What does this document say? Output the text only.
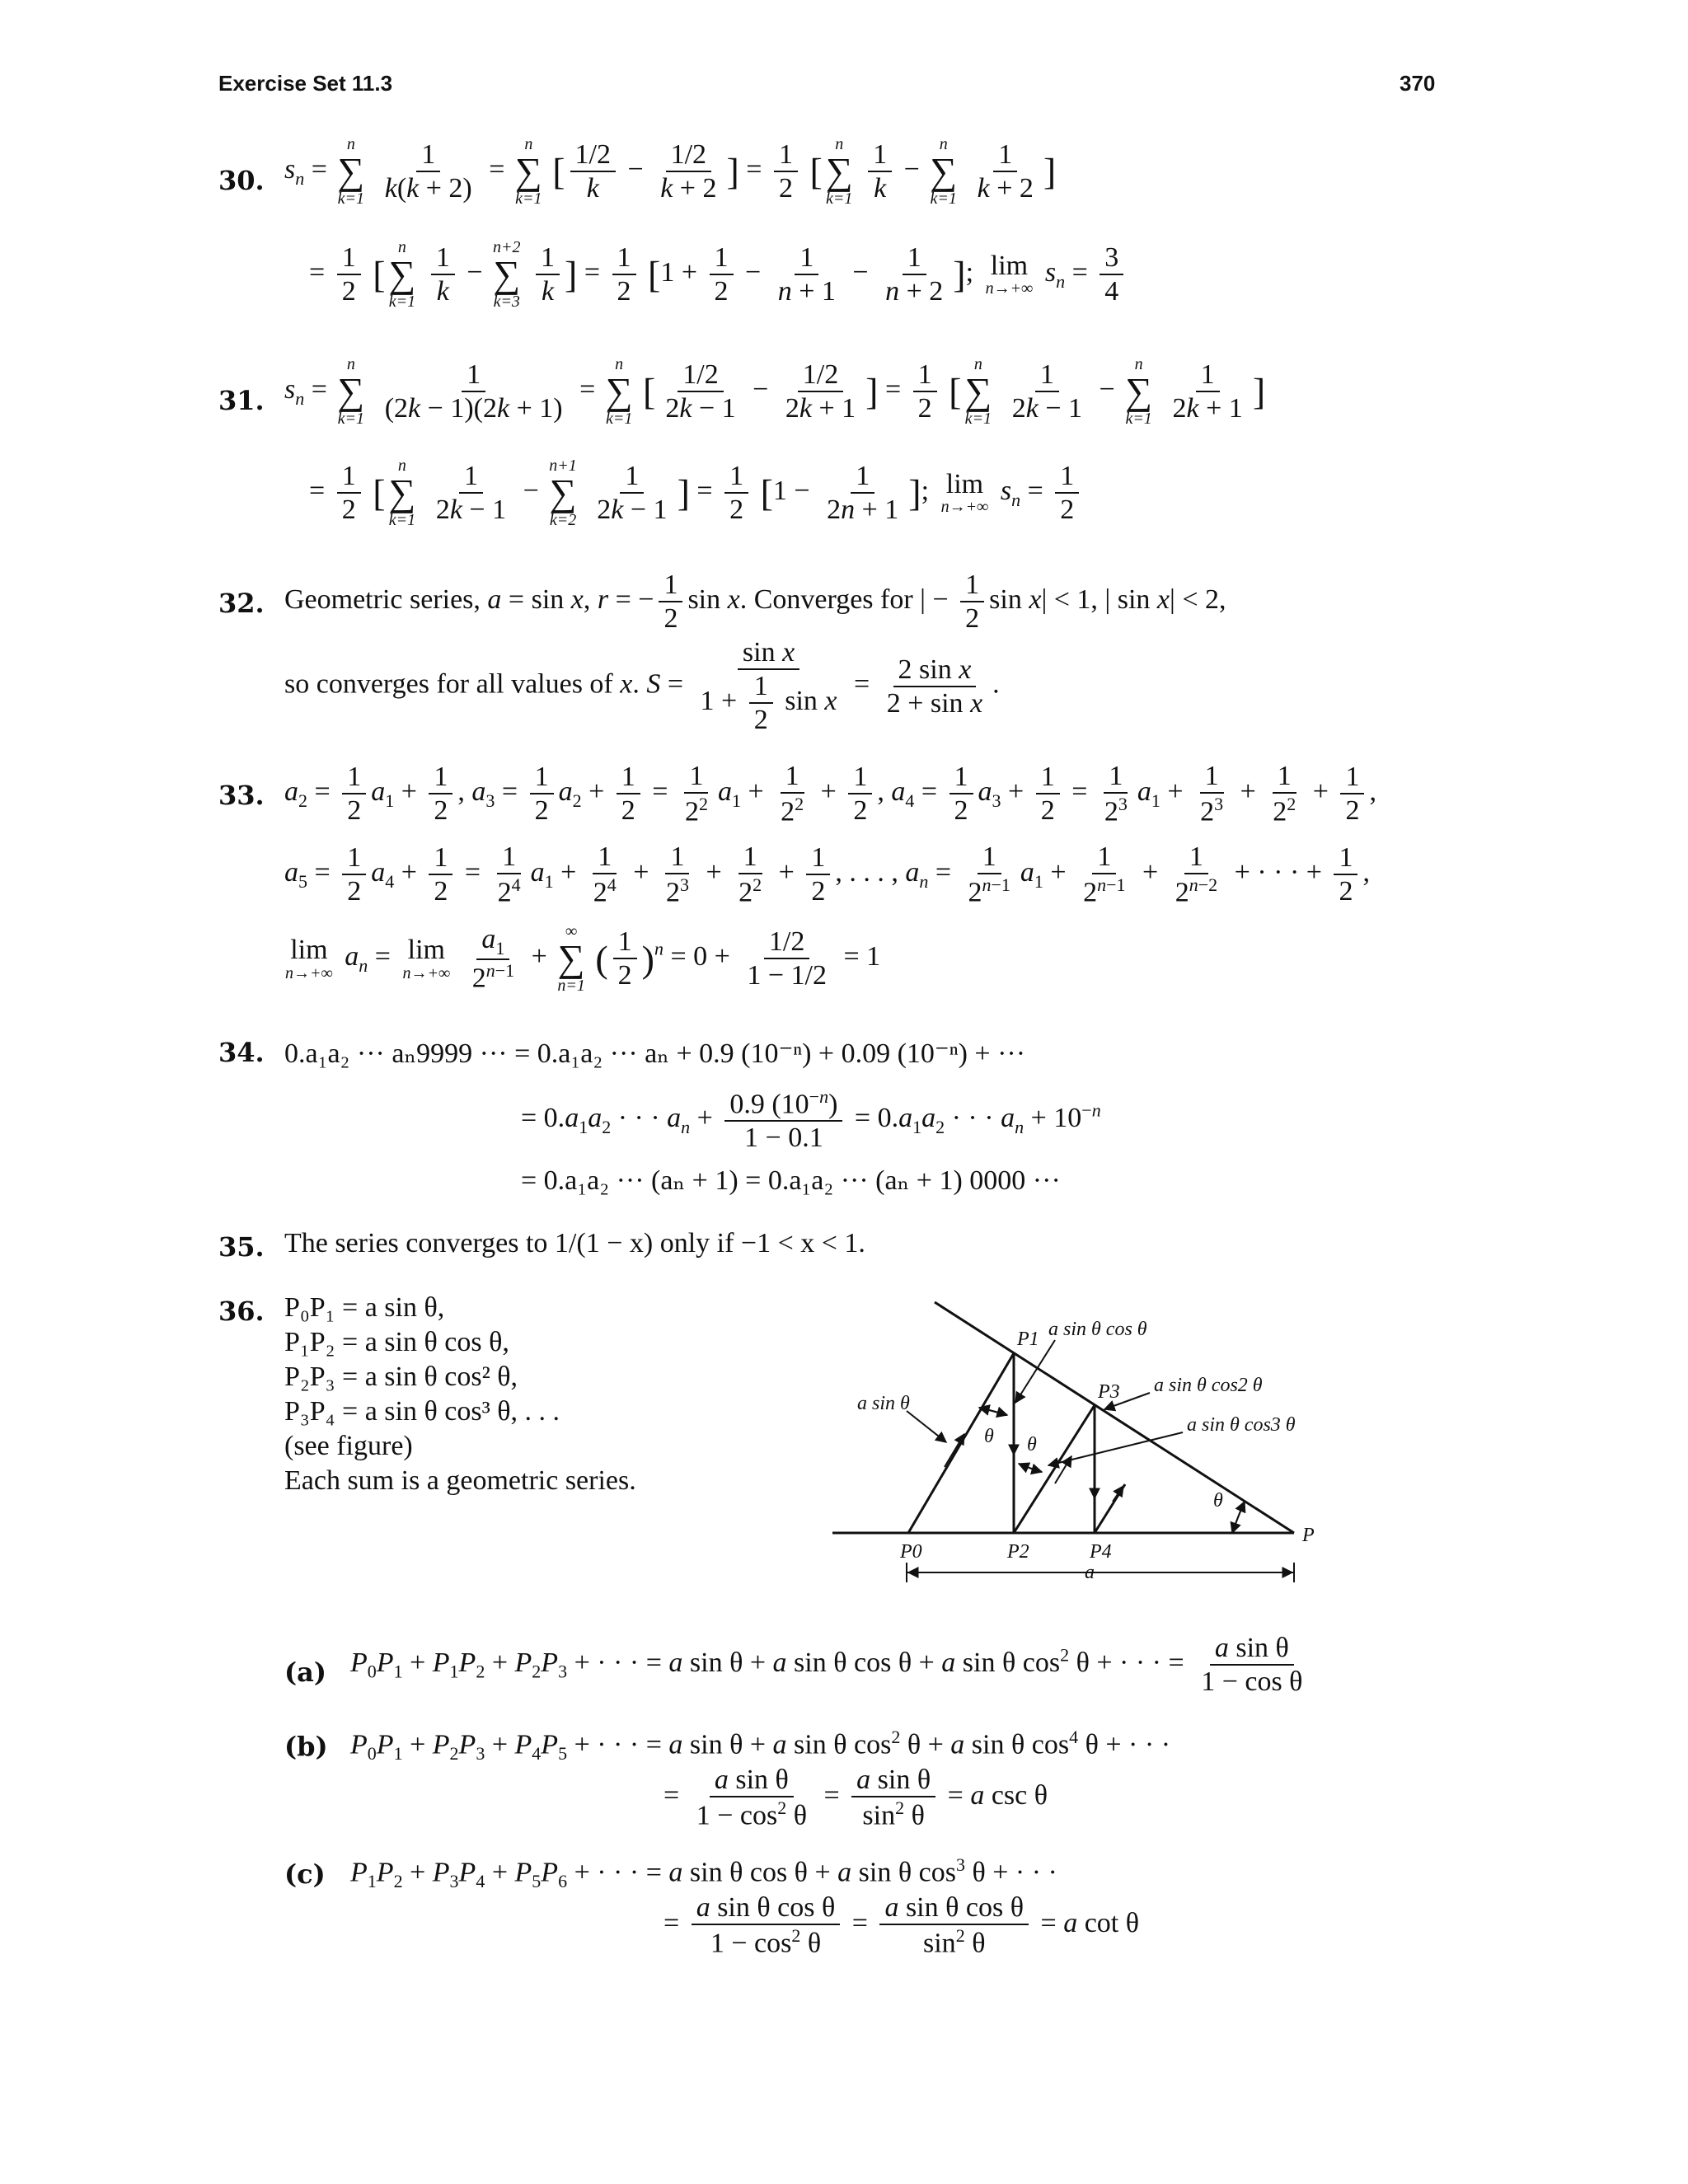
Exercise Set 11.3	370
30. $s_n$ =
n
∑
k=1
$\frac{1}{k(k + 2)}$ =
n
∑
k=1
[ $\frac{1/2}{k} - \frac{1/2}{k + 2}$ ] = $\frac{1}{2}$ [
n
∑
k=1
$\frac{1}{k}$ −
n
∑
k=1
$\frac{1}{k + 2}$ ]
= $\frac{1}{2}$ [
n
∑
k=1
$\frac{1}{k}$ −
n+2
∑
k=3
$\frac{1}{k}$ ] = $\frac{1}{2} [1 + \frac{1}{2} - \frac{1}{n + 1} - \frac{1}{n + 2}$ ]; lim
n→+∞
$s_n = \frac{3}{4}$
31. $s_n$ =
n
∑
k=1
$\frac{1}{(2k - 1)(2k + 1)}$ =
n
∑
k=1
[ $\frac{1/2}{2k - 1} - \frac{1/2}{2k + 1}$ ] = $\frac{1}{2}$ [
n
∑
k=1
$\frac{1}{2k - 1}$ −
n
∑
k=1
$\frac{1}{2k + 1}$ ]
= $\frac{1}{2}$ [
n
∑
k=1
$\frac{1}{2k - 1}$ −
n+1
∑
k=2
$\frac{1}{2k - 1}$ ] = $\frac{1}{2} [1 - \frac{1}{2n + 1}$ ]; lim
n→+∞
$s_n = \frac{1}{2}$
32. Geometric series, a = sin x, r = − $\frac{1}{2}$ sin x. Converges for | − $\frac{1}{2}$ sin x| < 1, | sin x| < 2,
so converges for all values of x. $S = \frac{\text{sin x}}{1 + \frac{1}{2} \sin x} = \frac{\text{2 sin x}}{\text{2 + sin x}}$ .
33. $a_2 = \frac{1}{2} a_1 + \frac{1}{2}$ , $a_3 = \frac{1}{2} a_2 + \frac{1}{2} = \frac{1}{2^2} a_1 + \frac{1}{2^2} + \frac{1}{2}$ , $a_4 = \frac{1}{2} a_3 + \frac{1}{2} = \frac{1}{2^3} a_1 + \frac{1}{2^3} + \frac{1}{2^2} + \frac{1}{2}$ ,
$a_5 = \frac{1}{2} a_4 + \frac{1}{2} = \frac{1}{2^4} a_1 + \frac{1}{2^4} + \frac{1}{2^3} + \frac{1}{2^2} + \frac{1}{2}$ , . . . , $a_n = \frac{1}{2^{n-1}} a_1 + \frac{1}{2^{n-1}} + \frac{1}{2^{n-2}}$ + · · · + $\frac{1}{2}$ ,
lim
n→+∞
$a_n = \lim$
n→+∞
$\frac{a_1}{2^{n-1}}$ +
∞
∑
n=1
( $\frac{1}{2} )^n = 0 + \frac{1/2}{1 - 1/2} = 1$
34. 0.a₁a₂ ··· aₙ9999 ··· = 0.a₁a₂ ··· aₙ + 0.9 (10⁻ⁿ) + 0.09 (10⁻ⁿ) + ···
= $0.a_1a_2$ · · · $a_n + \frac{0.9 (10^{-n})}{1 - 0.1} = 0.a_1a_2$ · · · $a_n + 10^{-n}$
= 0.a₁a₂ ··· (aₙ + 1) = 0.a₁a₂ ··· (aₙ + 1) 0000 ···
35. The series converges to 1/(1 − x) only if −1 < x < 1.
36. P₀P₁ = a sin θ,
P₁P₂ = a sin θ cos θ,
P₂P₃ = a sin θ cos² θ,
P₃P₄ = a sin θ cos³ θ, . . .
(see figure)
Each sum is a geometric series.
P0
P1
P2
P3
P4
P
a
θ θ
θ
a sin θ
a sin θ cos θ
a sin θ cos2 θ
a sin θ cos3 θ
(a) $P_0P_1 + P_1P_2 + P_2P_3$ + · · · = a sin θ + a sin θ cos θ + a sin θ $\cos^2 \theta$ + · · · = $\frac{\text{a sin θ}}{\text{1 − cos θ}}$
(b) $P_0P_1 + P_2P_3 + P_4P_5$ + · · · = a sin θ + a sin θ $\cos^2 \theta + a$ sin θ $\cos^4 \theta$ + · · ·
= $\frac{\text{a sin θ}}{1 - \cos^2 \theta} = \frac{\text{a sin θ}}{\sin^2 \theta} = a$ csc θ
(c) $P_1P_2 + P_3P_4 + P_5P_6$ + · · · = a sin θ cos θ + a sin θ $\cos^3 \theta$ + · · ·
= $\frac{\text{a sin θ cos θ}}{1 - \cos^2 \theta} = \frac{\text{a sin θ cos θ}}{\sin^2 \theta} = a$ cot θ
